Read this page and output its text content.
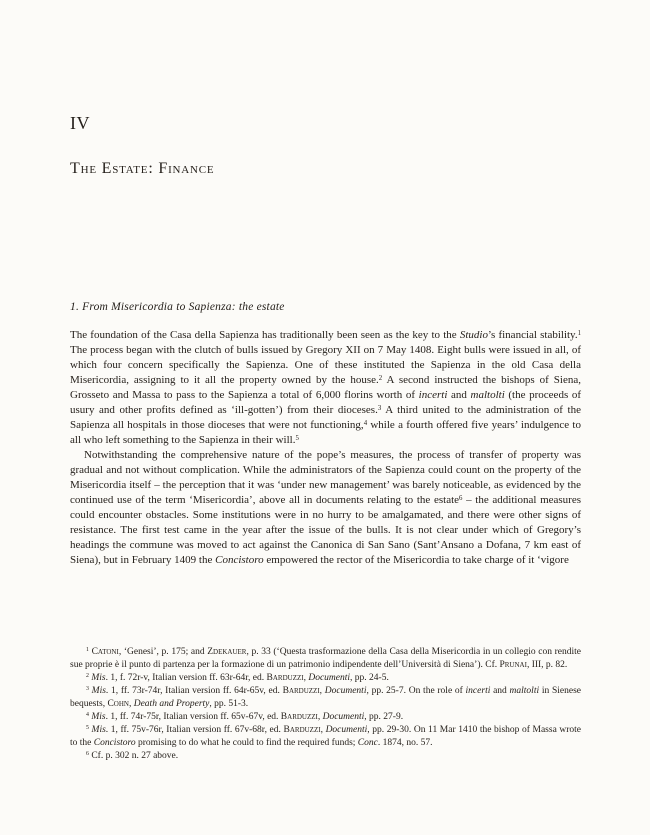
IV
The Estate: Finance
1. From Misericordia to Sapienza: the estate

The foundation of the Casa della Sapienza has traditionally been seen as the key to the Studio’s financial stability.$^1$ The process began with the clutch of bulls issued by Gregory XII on 7 May 1408. Eight bulls were issued in all, of which four concern specifically the Sapienza. One of these instituted the Sapienza in the old Casa della Misericordia, assigning to it all the property owned by the house.$^2$ A second instructed the bishops of Siena, Grosseto and Massa to pass to the Sapienza a total of 6,000 florins worth of incerti and maltolti (the proceeds of usury and other profits defined as ‘ill-gotten’) from their dioceses.$^3$ A third united to the administration of the Sapienza all hospitals in those dioceses that were not functioning,$^4$ while a fourth offered five years’ indulgence to all who left something to the Sapienza in their will.$^5$

Notwithstanding the comprehensive nature of the pope’s measures, the process of transfer of property was gradual and not without complication. While the administrators of the Sapienza could count on the property of the Misericordia itself – the perception that it was ‘under new management’ was barely noticeable, as evidenced by the continued use of the term ‘Misericordia’, above all in documents relating to the estate$^6$ – the additional measures could encounter obstacles. Some institutions were in no hurry to be amalgamated, and there were other signs of resistance. The first test came in the year after the issue of the bulls. It is not clear under which of Gregory’s headings the commune was moved to act against the Canonica di San Sano (Sant’Ansano a Dofana, 7 km east of Siena), but in February 1409 the Concistoro empowered the rector of the Misericordia to take charge of it ‘vigore

$^1$ Catoni, ‘Genesi’, p. 175; and Zdekauer, p. 33 (‘Questa trasformazione della Casa della Misericordia in un collegio con rendite sue proprie è il punto di partenza per la formazione di un patrimonio indipendente dell’Università di Siena’). Cf. Prunai, III, p. 82.

$^2$ Mis. 1, f. 72r-v, Italian version ff. 63r-64r, ed. Barduzzi, Documenti, pp. 24-5.

$^3$ Mis. 1, ff. 73r-74r, Italian version ff. 64r-65v, ed. Barduzzi, Documenti, pp. 25-7. On the role of incerti and maltolti in Sienese bequests, Cohn, Death and Property, pp. 51-3.

$^4$ Mis. 1, ff. 74r-75r, Italian version ff. 65v-67v, ed. Barduzzi, Documenti, pp. 27-9.

$^5$ Mis. 1, ff. 75v-76r, Italian version ff. 67v-68r, ed. Barduzzi, Documenti, pp. 29-30. On 11 Mar 1410 the bishop of Massa wrote to the Concistoro promising to do what he could to find the required funds; Conc. 1874, no. 57.

$^6$ Cf. p. 302 n. 27 above.
